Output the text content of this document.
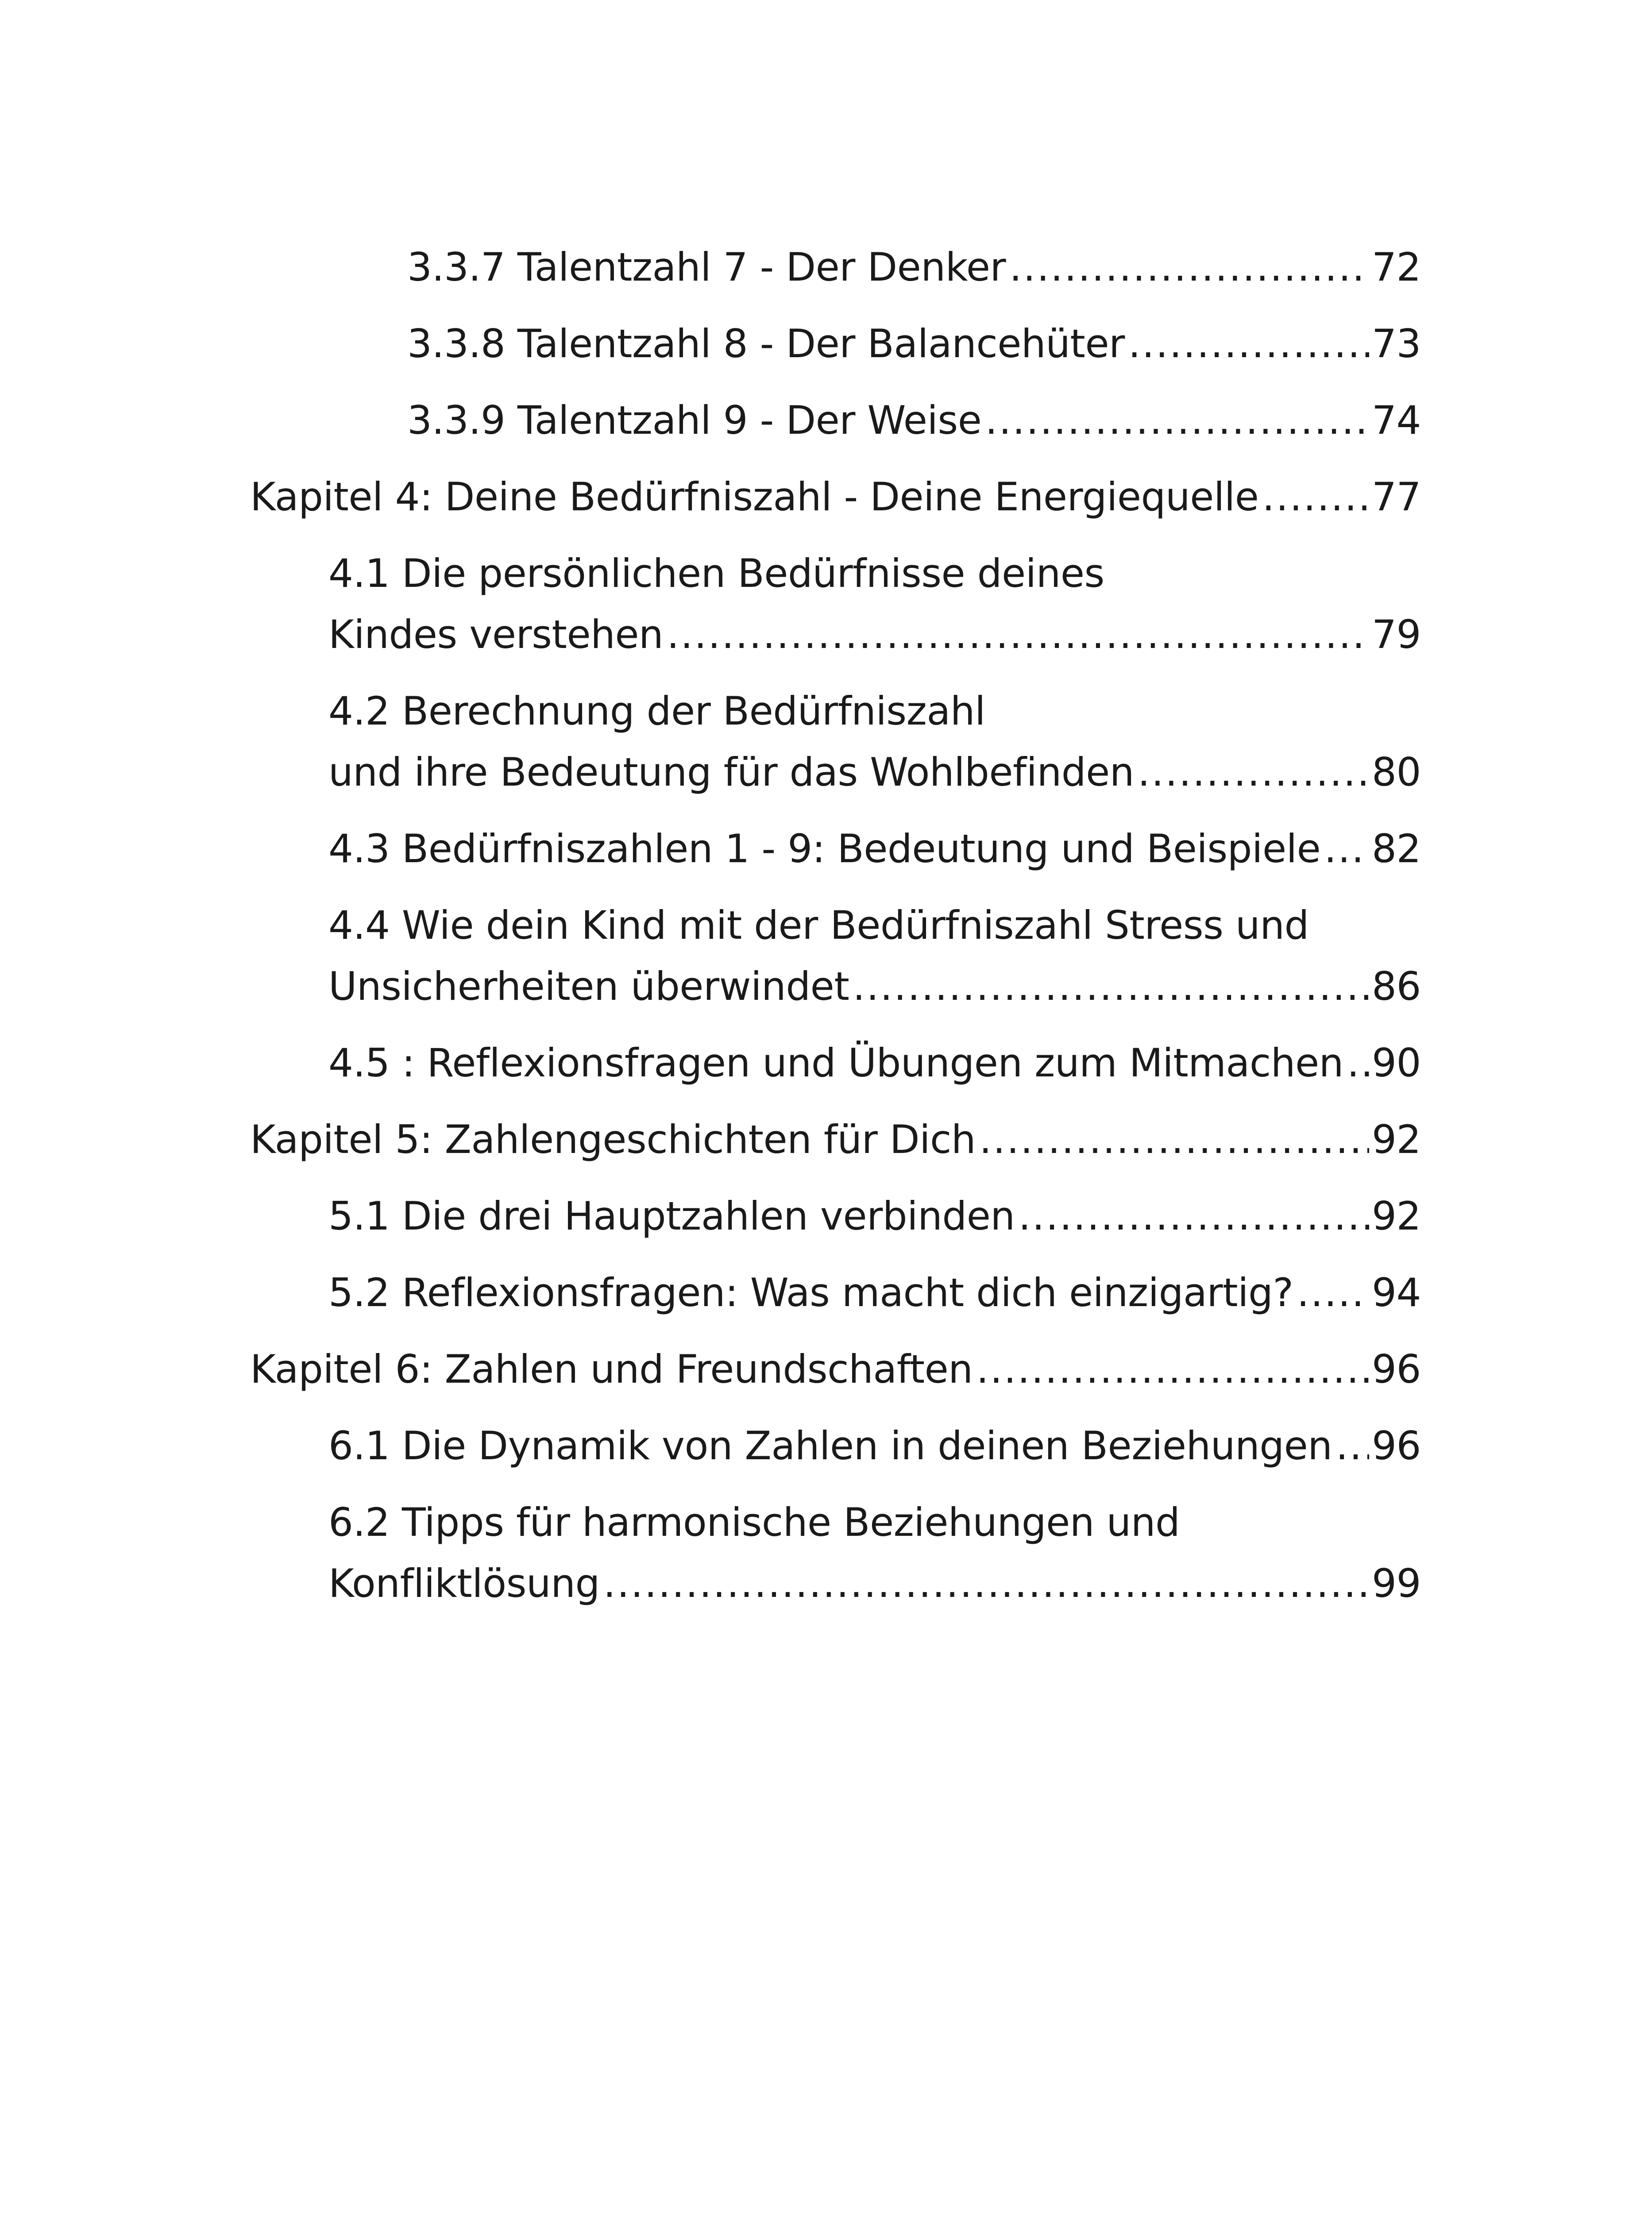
3.3.7 Talentzahl 7 - Der Denker .....	72
3.3.8 Talentzahl 8 - Der Balancehüter .....	73
3.3.9 Talentzahl 9 - Der Weise .....	74
Kapitel 4: Deine Bedürfniszahl - Deine Energiequelle .....	77
4.1 Die persönlichen Bedürfnisse deines
Kindes verstehen .....	79
4.2 Berechnung der Bedürfniszahl
und ihre Bedeutung für das Wohlbefinden .....	80
4.3 Bedürfniszahlen 1 - 9: Bedeutung und Beispiele ..... 82
4.4 Wie dein Kind mit der Bedürfniszahl Stress und
Unsicherheiten überwindet .....	86
4.5 : Reflexionsfragen und Übungen zum Mitmachen ..... 90
Kapitel 5: Zahlengeschichten für Dich .....	92
5.1 Die drei Hauptzahlen verbinden .....	92
5.2 Reflexionsfragen: Was macht dich einzigartig? ..... 94
Kapitel 6: Zahlen und Freundschaften .....	96
6.1 Die Dynamik von Zahlen in deinen Beziehungen ..... 96
6.2 Tipps für harmonische Beziehungen und
Konfliktlösung .....	99
